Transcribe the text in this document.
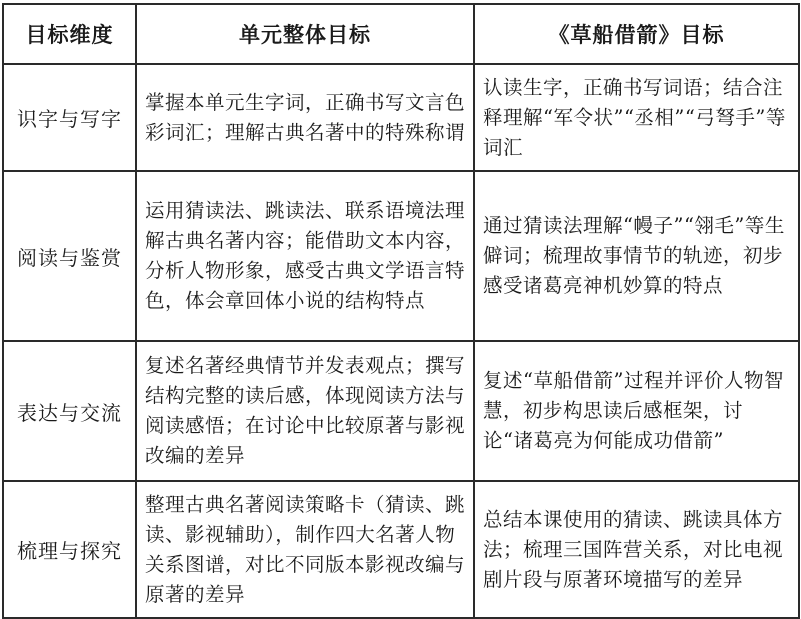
目标维度	单元整体目标	《草船借箭》目标
识字与写字	掌握本单元生字词，正确书写文言色彩词汇；理解古典名著中的特殊称谓	认读生字，正确书写词语；结合注释理解“军令状”“丞相”“弓弩手”等词汇
阅读与鉴赏	运用猜读法、跳读法、联系语境法理解古典名著内容；能借助文本内容，分析人物形象，感受古典文学语言特色，体会章回体小说的结构特点	通过猜读法理解“幔子”“翎毛”等生僻词；梳理故事情节的轨迹，初步感受诸葛亮神机妙算的特点
表达与交流	复述名著经典情节并发表观点；撰写结构完整的读后感，体现阅读方法与阅读感悟；在讨论中比较原著与影视改编的差异	复述“草船借箭”过程并评价人物智慧，初步构思读后感框架，讨论“诸葛亮为何能成功借箭”
梳理与探究	整理古典名著阅读策略卡（猜读、跳读、影视辅助），制作四大名著人物关系图谱，对比不同版本影视改编与原著的差异	总结本课使用的猜读、跳读具体方法；梳理三国阵营关系，对比电视剧片段与原著环境描写的差异
